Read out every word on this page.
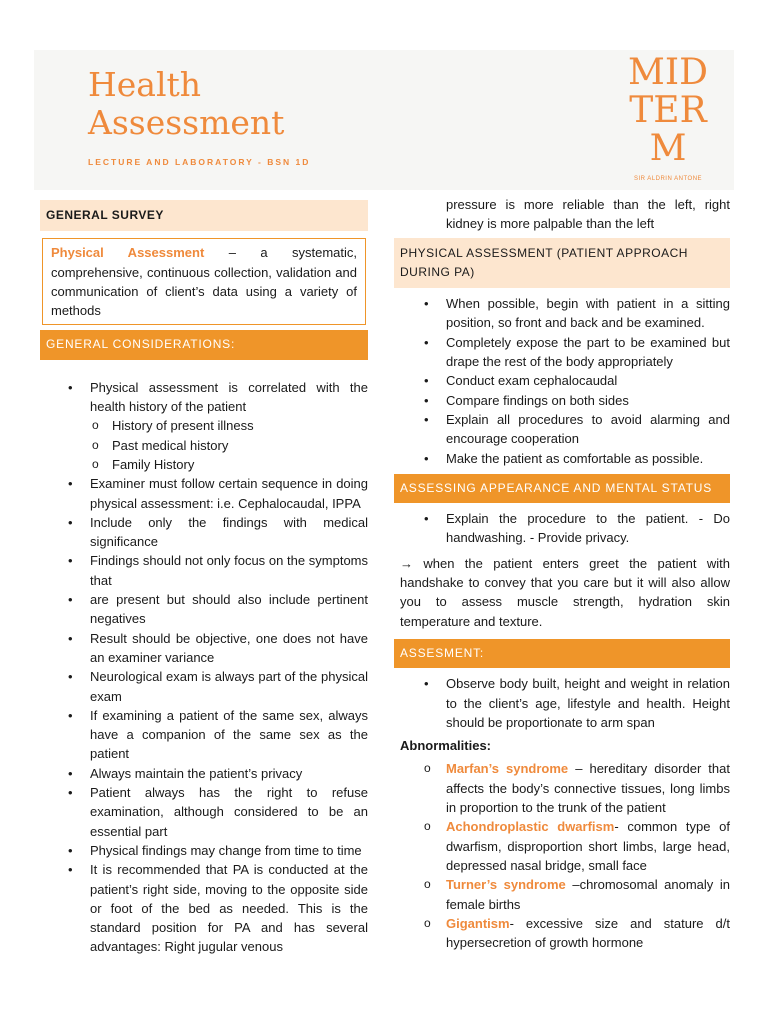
Health
Assessment
LECTURE AND LABORATORY - BSN 1D
MID
TER
M
SIR ALDRIN ANTONE
GENERAL SURVEY
Physical Assessment – a systematic, comprehensive, continuous collection, validation and communication of client’s data using a variety of methods
GENERAL CONSIDERATIONS:
• Physical assessment is correlated with the health history of the patient
o History of present illness
o Past medical history
o Family History
• Examiner must follow certain sequence in doing physical assessment: i.e. Cephalocaudal, IPPA
• Include only the findings with medical significance
• Findings should not only focus on the symptoms that
• are present but should also include pertinent negatives
• Result should be objective, one does not have an examiner variance
• Neurological exam is always part of the physical exam
• If examining a patient of the same sex, always have a companion of the same sex as the patient
• Always maintain the patient’s privacy
• Patient always has the right to refuse examination, although considered to be an essential part
• Physical findings may change from time to time
• It is recommended that PA is conducted at the patient’s right side, moving to the opposite side or foot of the bed as needed. This is the standard position for PA and has several advantages: Right jugular venous
pressure is more reliable than the left, right kidney is more palpable than the left
PHYSICAL ASSESSMENT (PATIENT APPROACH DURING PA)
• When possible, begin with patient in a sitting position, so front and back and be examined.
• Completely expose the part to be examined but drape the rest of the body appropriately
• Conduct exam cephalocaudal
• Compare findings on both sides
• Explain all procedures to avoid alarming and encourage cooperation
• Make the patient as comfortable as possible.
ASSESSING APPEARANCE AND MENTAL STATUS
• Explain the procedure to the patient. - Do handwashing. - Provide privacy.
→ when the patient enters greet the patient with handshake to convey that you care but it will also allow you to assess muscle strength, hydration skin temperature and texture.
ASSESMENT:
• Observe body built, height and weight in relation to the client’s age, lifestyle and health. Height should be proportionate to arm span
Abnormalities:
o Marfan’s syndrome – hereditary disorder that affects the body’s connective tissues, long limbs in proportion to the trunk of the patient
o Achondroplastic dwarfism- common type of dwarfism, disproportion short limbs, large head, depressed nasal bridge, small face
o Turner’s syndrome –chromosomal anomaly in female births
o Gigantism- excessive size and stature d/t hypersecretion of growth hormone
